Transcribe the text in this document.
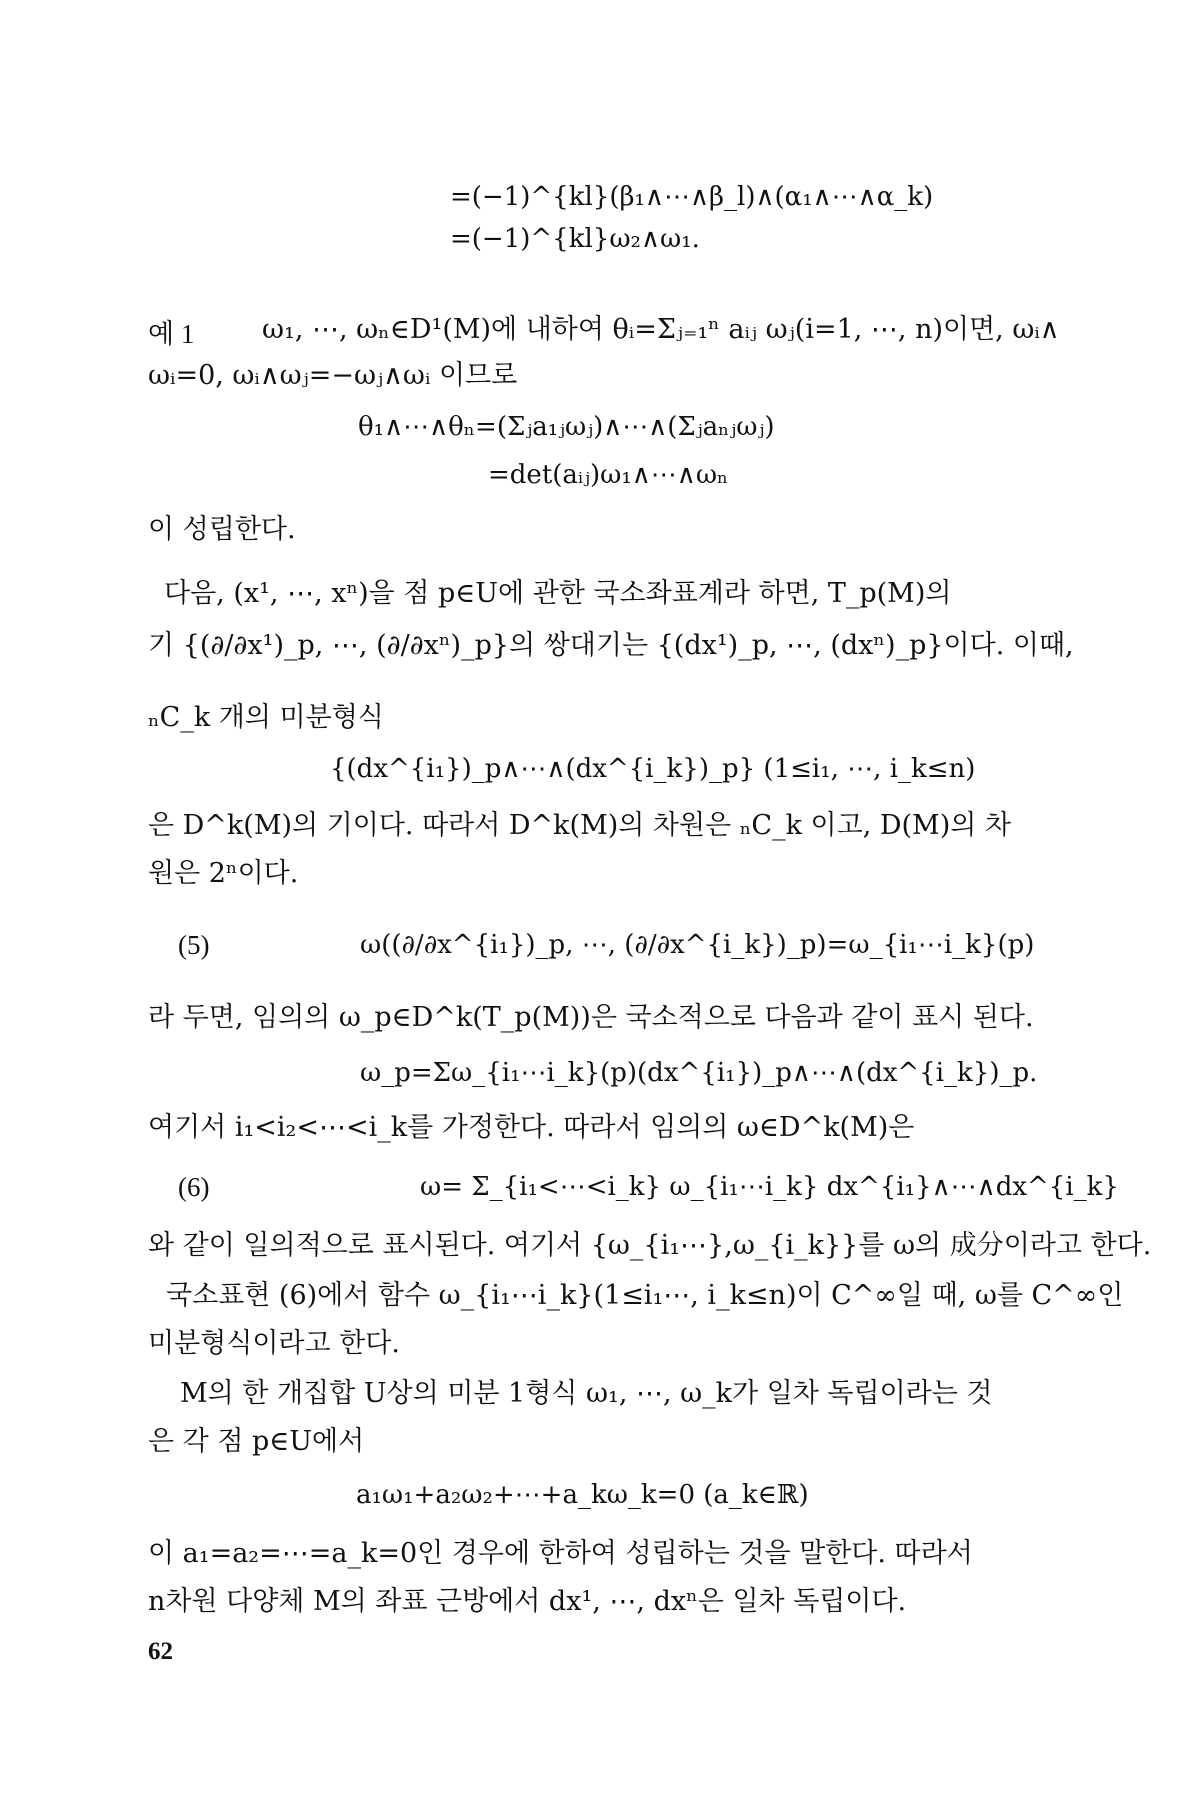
=(−1)^{kl}(β₁∧⋯∧β_l)∧(α₁∧⋯∧α_k)
=(−1)^{kl}ω₂∧ω₁.
예 1	ω₁, ⋯, ωₙ∈D¹(M)에 내하여 θᵢ=Σⱼ₌₁ⁿ aᵢⱼ ωⱼ(i=1, ⋯, n)이면, ωᵢ∧
ωᵢ=0, ωᵢ∧ωⱼ=−ωⱼ∧ωᵢ 이므로
θ₁∧⋯∧θₙ=(Σⱼa₁ⱼωⱼ)∧⋯∧(Σⱼaₙⱼωⱼ)
=det(aᵢⱼ)ω₁∧⋯∧ωₙ
이 성립한다.
다음, (x¹, ⋯, xⁿ)을 점 p∈U에 관한 국소좌표계라 하면, T_p(M)의
기 {(∂/∂x¹)_p, ⋯, (∂/∂xⁿ)_p}의 쌍대기는 {(dx¹)_p, ⋯, (dxⁿ)_p}이다. 이때,
ₙC_k 개의 미분형식
{(dx^{i₁})_p∧⋯∧(dx^{i_k})_p} (1≤i₁, ⋯, i_k≤n)
은 D^k(M)의 기이다. 따라서 D^k(M)의 차원은 ₙC_k 이고, D(M)의 차
원은 2ⁿ이다.
(5)	ω((∂/∂x^{i₁})_p, ⋯, (∂/∂x^{i_k})_p)=ω_{i₁⋯i_k}(p)
라 두면, 임의의 ω_p∈D^k(T_p(M))은 국소적으로 다음과 같이 표시 된다.
ω_p=Σω_{i₁⋯i_k}(p)(dx^{i₁})_p∧⋯∧(dx^{i_k})_p.
여기서 i₁<i₂<⋯<i_k를 가정한다. 따라서 임의의 ω∈D^k(M)은
(6)	ω= Σ_{i₁<⋯<i_k} ω_{i₁⋯i_k} dx^{i₁}∧⋯∧dx^{i_k}
와 같이 일의적으로 표시된다. 여기서 {ω_{i₁⋯},ω_{i_k}}를 ω의 成分이라고 한다.
국소표현 (6)에서 함수 ω_{i₁⋯i_k}(1≤i₁⋯, i_k≤n)이 C^∞일 때, ω를 C^∞인
미분형식이라고 한다.
M의 한 개집합 U상의 미분 1형식 ω₁, ⋯, ω_k가 일차 독립이라는 것
은 각 점 p∈U에서
a₁ω₁+a₂ω₂+⋯+a_kω_k=0 (a_k∈ℝ)
이 a₁=a₂=⋯=a_k=0인 경우에 한하여 성립하는 것을 말한다. 따라서
n차원 다양체 M의 좌표 근방에서 dx¹, ⋯, dxⁿ은 일차 독립이다.
62
